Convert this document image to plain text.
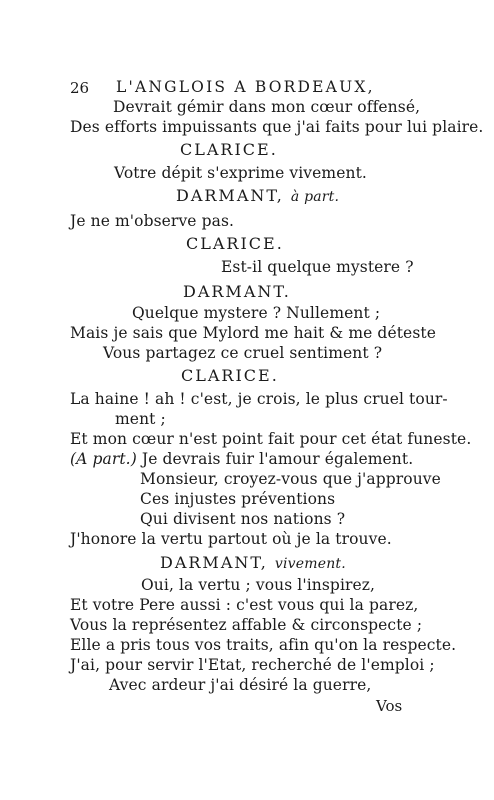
26 L'ANGLOIS A BORDEAUX,
Devrait gémir dans mon cœur offensé,
Des efforts impuissants que j'ai faits pour lui plaire.
CLARICE.
Votre dépit s'exprime vivement.
DARMANT, à part.
Je ne m'observe pas.
CLARICE.
Est-il quelque mystere ?
DARMANT.
Quelque mystere ? Nullement ;
Mais je sais que Mylord me hait & me déteste
Vous partagez ce cruel sentiment ?
CLARICE.
La haine ! ah ! c'est, je crois, le plus cruel tour-
ment ;
Et mon cœur n'est point fait pour cet état funeste.
(A part.) Je devrais fuir l'amour également.
Monsieur, croyez-vous que j'approuve
Ces injustes préventions
Qui divisent nos nations ?
J'honore la vertu partout où je la trouve.
DARMANT, vivement.
Oui, la vertu ; vous l'inspirez,
Et votre Pere aussi : c'est vous qui la parez,
Vous la représentez affable & circonspecte ;
Elle a pris tous vos traits, afin qu'on la respecte.
J'ai, pour servir l'Etat, recherché de l'emploi ;
Avec ardeur j'ai désiré la guerre,
Vos
